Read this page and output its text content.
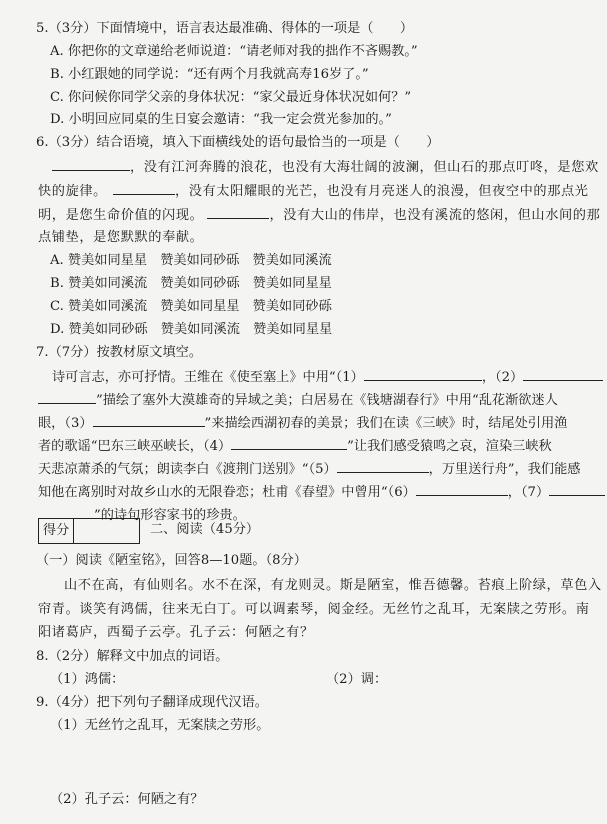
5.（3分）下面情境中，语言表达最准确、得体的一项是（　　）
A. 你把你的文章递给老师说道：“请老师对我的拙作不吝赐教。”
B. 小红跟她的同学说：“还有两个月我就高寿16岁了。”
C. 你问候你同学父亲的身体状况：“家父最近身体状况如何？”
D. 小明回应同桌的生日宴会邀请：“我一定会赏光参加的。”
6.（3分）结合语境，填入下面横线处的语句最恰当的一项是（　　）
，没有江河奔腾的浪花，也没有大海壮阔的波澜，但山石的那点叮咚，是您欢
快的旋律。	，没有太阳耀眼的光芒，也没有月亮迷人的浪漫，但夜空中的那点光
明，是您生命价值的闪现。	，没有大山的伟岸，也没有溪流的悠闲，但山水间的那
点铺垫，是您默默的奉献。
A. 赞美如同星星　赞美如同砂砾　赞美如同溪流
B. 赞美如同溪流　赞美如同砂砾　赞美如同星星
C. 赞美如同溪流　赞美如同星星　赞美如同砂砾
D. 赞美如同砂砾　赞美如同溪流　赞美如同星星
7.（7分）按教材原文填空。
诗可言志，亦可抒情。王维在《使至塞上》中用“（1）	，（2）
”描绘了塞外大漠雄奇的异域之美；白居易在《钱塘湖春行》中用“乱花渐欲迷人
眼，（3）	”来描绘西湖初春的美景；我们在读《三峡》时，结尾处引用渔
者的歌谣“巴东三峡巫峡长，（4）	”让我们感受猿鸣之哀，渲染三峡秋
天悲凉萧杀的气氛；朗读李白《渡荆门送别》“（5）	，万里送行舟”，我们能感
知他在离别时对故乡山水的无限眷恋；杜甫《春望》中曾用“（6）	，（7）
”的诗句形容家书的珍贵。
得分	二、阅读（45分）
（一）阅读《陋室铭》，回答8—10题。（8分）
山不在高，有仙则名。水不在深，有龙则灵。斯是陋室，惟吾德馨。苔痕上阶绿，草色入
帘青。谈笑有鸿儒，往来无白丁。可以调素琴，阅金经。无丝竹之乱耳，无案牍之劳形。南
阳诸葛庐，西蜀子云亭。孔子云：何陋之有？
8.（2分）解释文中加点的词语。
（1）鸿儒：	（2）调：
9.（4分）把下列句子翻译成现代汉语。
（1）无丝竹之乱耳，无案牍之劳形。
（2）孔子云：何陋之有？
